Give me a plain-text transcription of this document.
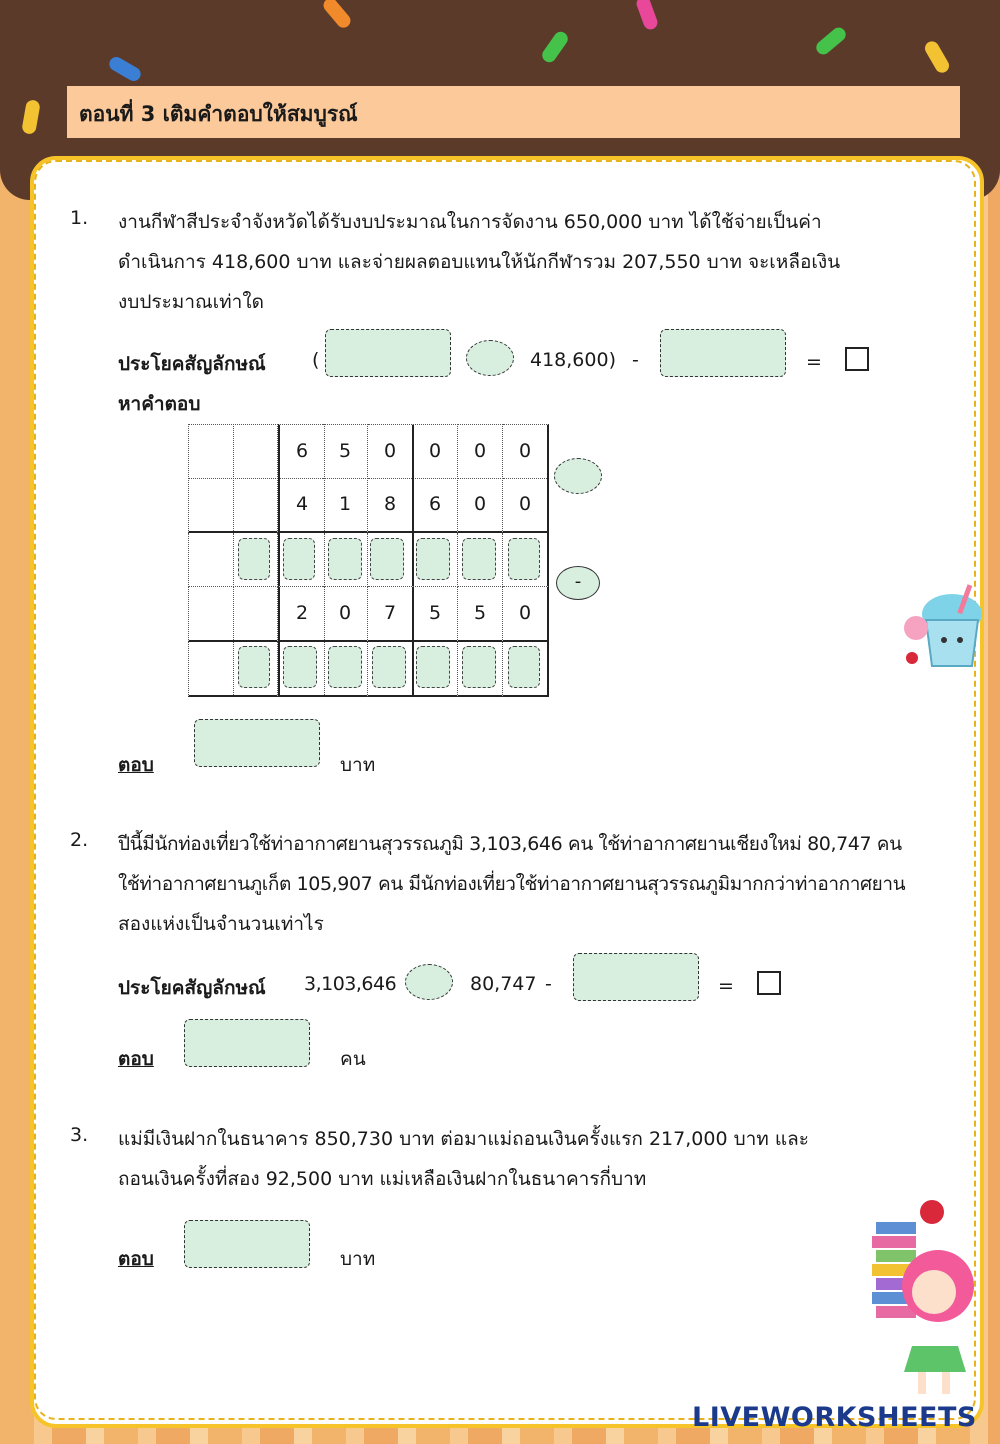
ตอนที่ 3 เติมคำตอบให้สมบูรณ์
1. งานกีฬาสีประจำจังหวัดได้รับงบประมาณในการจัดงาน 650,000 บาท ได้ใช้จ่ายเป็นค่า
ดำเนินการ 418,600 บาท และจ่ายผลตอบแทนให้นักกีฬารวม 207,550 บาท จะเหลือเงิน
งบประมาณเท่าใด
ประโยคสัญลักษณ์ (	418,600) -	=
หาคำตอบ
6	5	0	0	0	0
4	1	8	6	0	0
2	0	7	5	5	0
-
ตอบ	บาท
2. ปีนี้มีนักท่องเที่ยวใช้ท่าอากาศยานสุวรรณภูมิ 3,103,646 คน ใช้ท่าอากาศยานเชียงใหม่ 80,747 คน
ใช้ท่าอากาศยานภูเก็ต 105,907 คน มีนักท่องเที่ยวใช้ท่าอากาศยานสุวรรณภูมิมากกว่าท่าอากาศยาน
สองแห่งเป็นจำนวนเท่าไร
ประโยคสัญลักษณ์ 3,103,646	80,747 -	=
ตอบ	คน
3. แม่มีเงินฝากในธนาคาร 850,730 บาท ต่อมาแม่ถอนเงินครั้งแรก 217,000 บาท และ
ถอนเงินครั้งที่สอง 92,500 บาท แม่เหลือเงินฝากในธนาคารกี่บาท
ตอบ	บาท
LIVEWORKSHEETS
